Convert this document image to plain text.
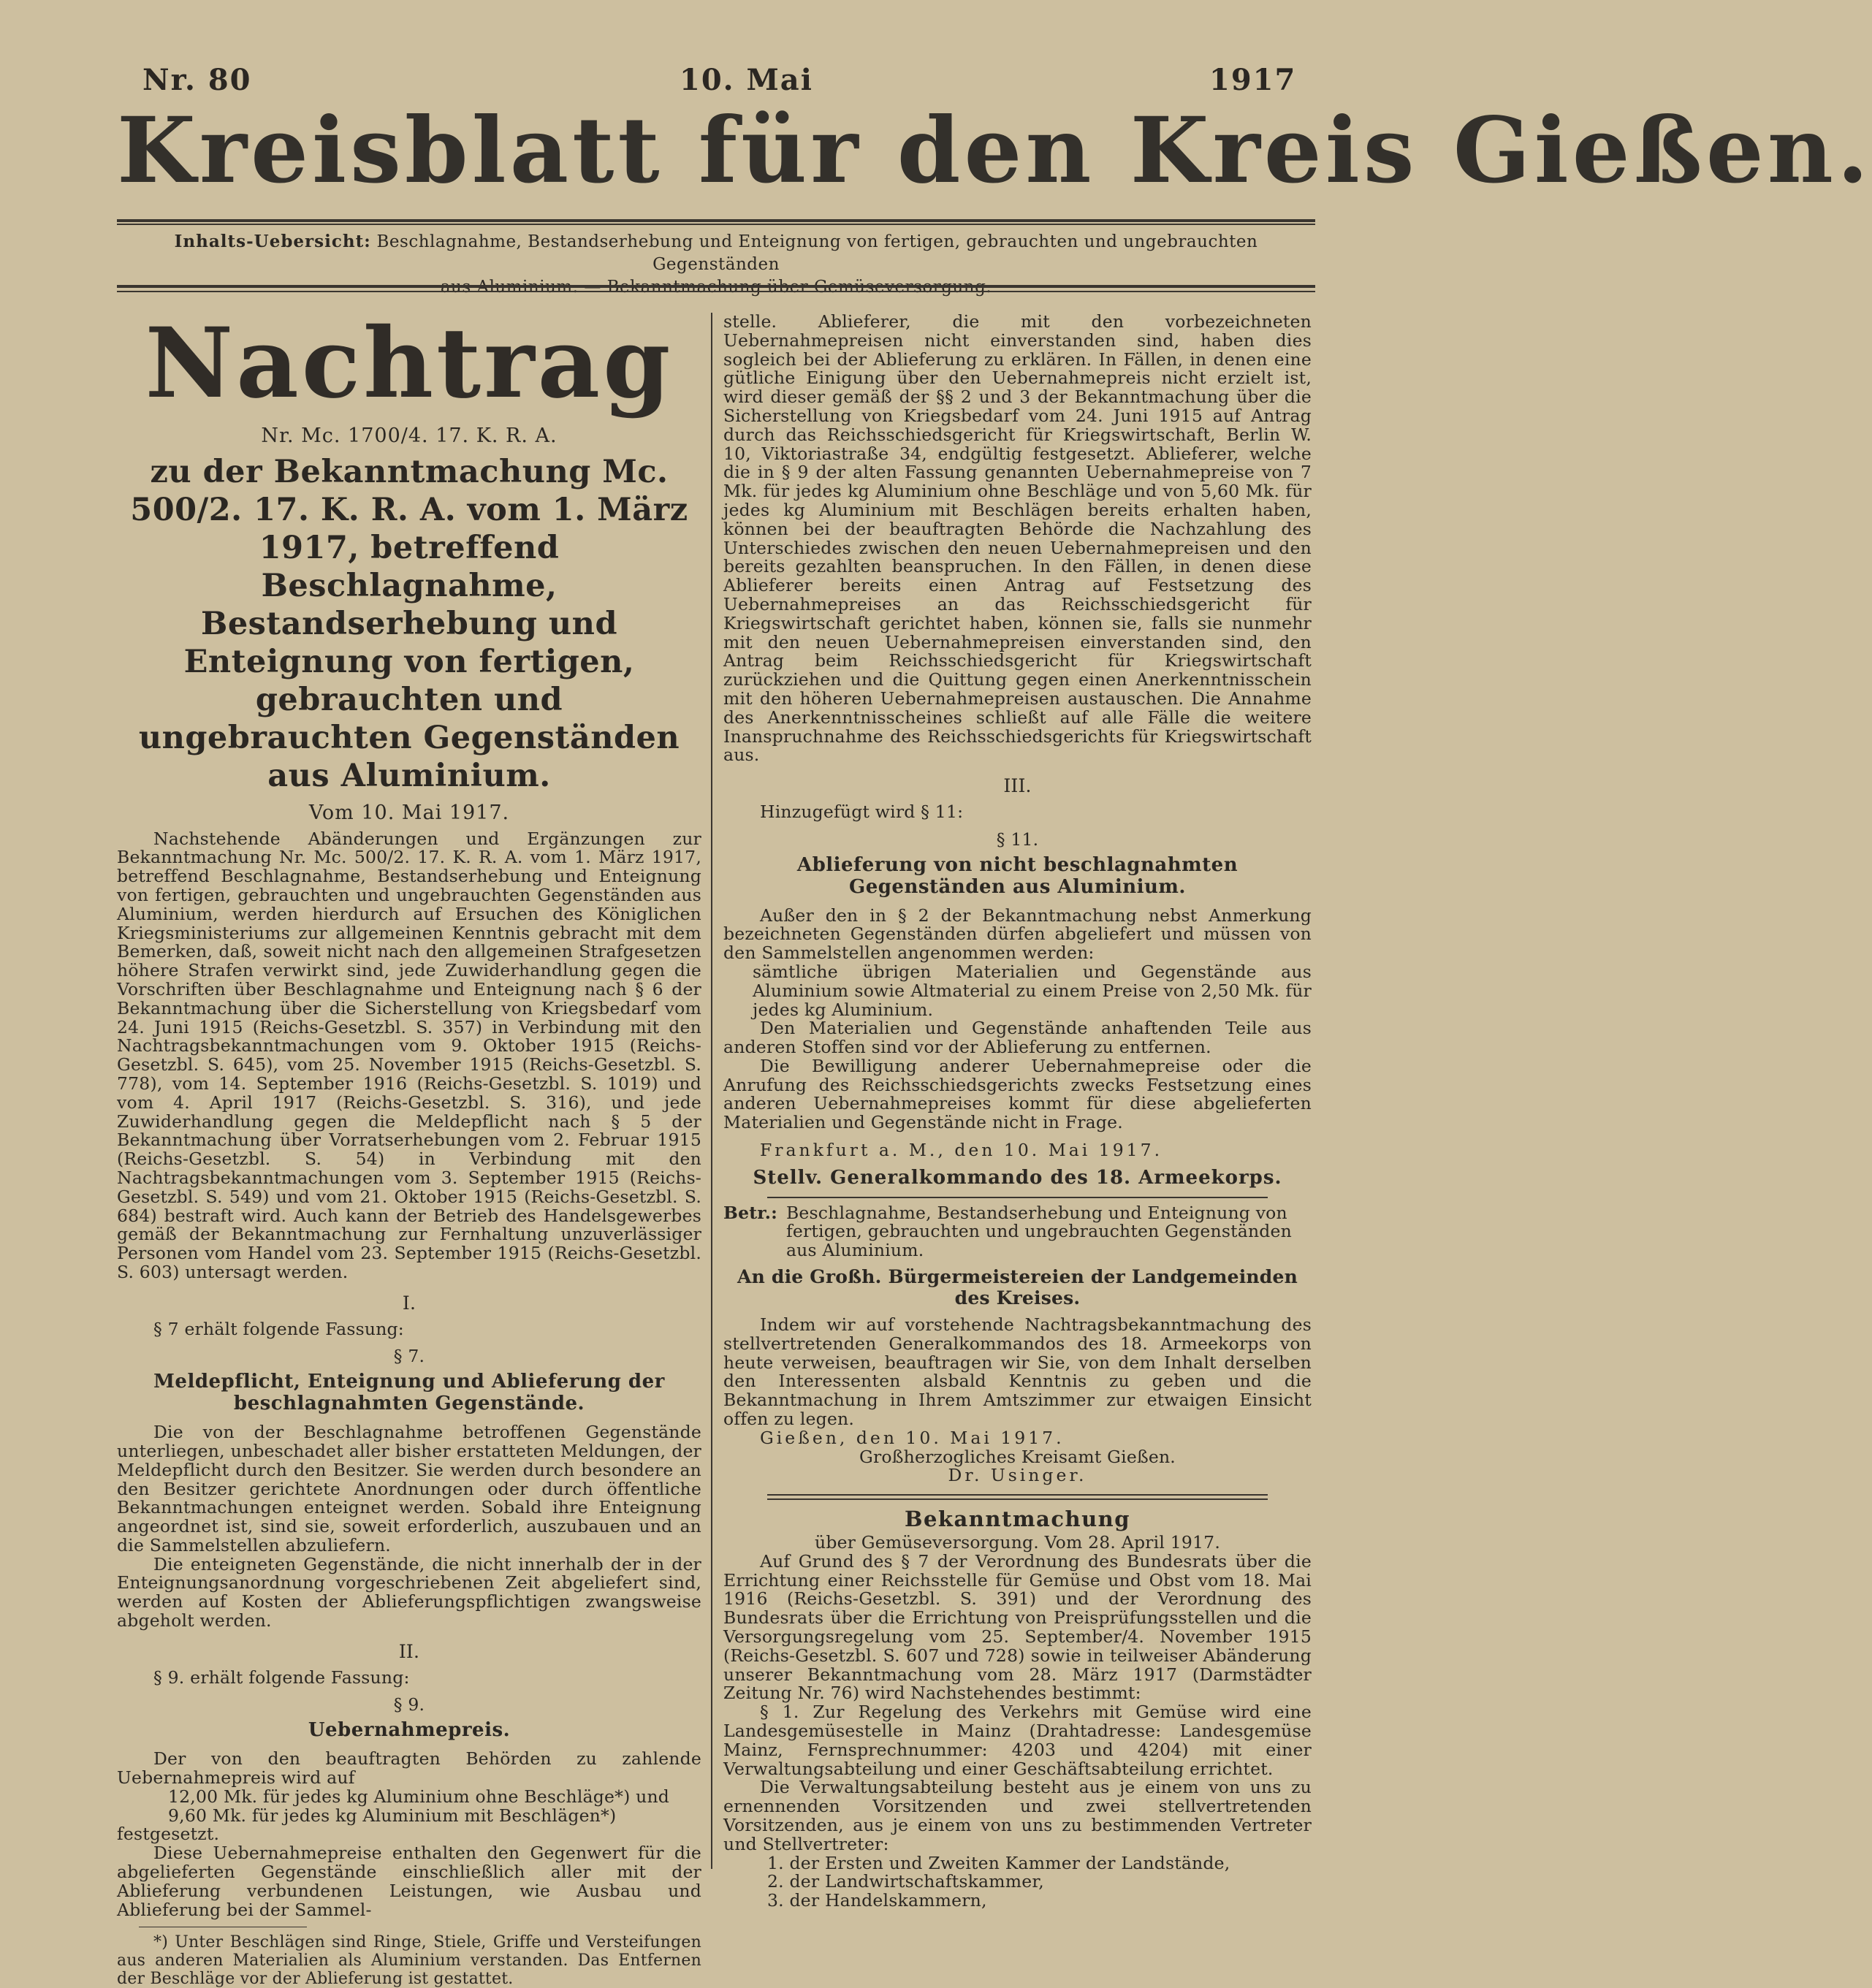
Nr. 80	10. Mai	1917
Kreisblatt für den Kreis Gießen.
Inhalts-Uebersicht: Beschlagnahme, Bestandserhebung und Enteignung von fertigen, gebrauchten und ungebrauchten Gegenständen
aus Aluminium. — Bekanntmachung über Gemüseversorgung.
Nachtrag
Nr. Mc. 1700/4. 17. K. R. A.
zu der Bekanntmachung Mc. 500/2. 17. K. R. A. vom 1. März 1917, betreffend Beschlagnahme, Bestandserhebung und Enteignung von fertigen, gebrauchten und ungebrauchten Gegenständen aus Aluminium.
Vom 10. Mai 1917.

Nachstehende Abänderungen und Ergänzungen zur Bekanntmachung Nr. Mc. 500/2. 17. K. R. A. vom 1. März 1917, betreffend Beschlagnahme, Bestandserhebung und Enteignung von fertigen, gebrauchten und ungebrauchten Gegenständen aus Aluminium, werden hierdurch auf Ersuchen des Königlichen Kriegsministeriums zur allgemeinen Kenntnis gebracht mit dem Bemerken, daß, soweit nicht nach den allgemeinen Strafgesetzen höhere Strafen verwirkt sind, jede Zuwiderhandlung gegen die Vorschriften über Beschlagnahme und Enteignung nach § 6 der Bekanntmachung über die Sicherstellung von Kriegsbedarf vom 24. Juni 1915 (Reichs-Gesetzbl. S. 357) in Verbindung mit den Nachtragsbekanntmachungen vom 9. Oktober 1915 (Reichs-Gesetzbl. S. 645), vom 25. November 1915 (Reichs-Gesetzbl. S. 778), vom 14. September 1916 (Reichs-Gesetzbl. S. 1019) und vom 4. April 1917 (Reichs-Gesetzbl. S. 316), und jede Zuwiderhandlung gegen die Meldepflicht nach § 5 der Bekanntmachung über Vorratserhebungen vom 2. Februar 1915 (Reichs-Gesetzbl. S. 54) in Verbindung mit den Nachtragsbekanntmachungen vom 3. September 1915 (Reichs-Gesetzbl. S. 549) und vom 21. Oktober 1915 (Reichs-Gesetzbl. S. 684) bestraft wird. Auch kann der Betrieb des Handelsgewerbes gemäß der Bekanntmachung zur Fernhaltung unzuverlässiger Personen vom Handel vom 23. September 1915 (Reichs-Gesetzbl. S. 603) untersagt werden.

I.

§ 7 erhält folgende Fassung:

§ 7.
Meldepflicht, Enteignung und Ablieferung der beschlagnahmten Gegenstände.

Die von der Beschlagnahme betroffenen Gegenstände unterliegen, unbeschadet aller bisher erstatteten Meldungen, der Meldepflicht durch den Besitzer. Sie werden durch besondere an den Besitzer gerichtete Anordnungen oder durch öffentliche Bekanntmachungen enteignet werden. Sobald ihre Enteignung angeordnet ist, sind sie, soweit erforderlich, auszubauen und an die Sammelstellen abzuliefern.

Die enteigneten Gegenstände, die nicht innerhalb der in der Enteignungsanordnung vorgeschriebenen Zeit abgeliefert sind, werden auf Kosten der Ablieferungspflichtigen zwangsweise abgeholt werden.

II.

§ 9. erhält folgende Fassung:

§ 9.
Uebernahmepreis.

Der von den beauftragten Behörden zu zahlende Uebernahmepreis wird auf

12,00 Mk. für jedes kg Aluminium ohne Beschläge*) und

9,60 Mk. für jedes kg Aluminium mit Beschlägen*)

festgesetzt.

Diese Uebernahmepreise enthalten den Gegenwert für die abgelieferten Gegenstände einschließlich aller mit der Ablieferung verbundenen Leistungen, wie Ausbau und Ablieferung bei der Sammel-

*) Unter Beschlägen sind Ringe, Stiele, Griffe und Versteifungen aus anderen Materialien als Aluminium verstanden. Das Entfernen der Beschläge vor der Ablieferung ist gestattet.

stelle. Ablieferer, die mit den vorbezeichneten Uebernahmepreisen nicht einverstanden sind, haben dies sogleich bei der Ablieferung zu erklären. In Fällen, in denen eine gütliche Einigung über den Uebernahmepreis nicht erzielt ist, wird dieser gemäß der §§ 2 und 3 der Bekanntmachung über die Sicherstellung von Kriegsbedarf vom 24. Juni 1915 auf Antrag durch das Reichsschiedsgericht für Kriegswirtschaft, Berlin W. 10, Viktoriastraße 34, endgültig festgesetzt. Ablieferer, welche die in § 9 der alten Fassung genannten Uebernahmepreise von 7 Mk. für jedes kg Aluminium ohne Beschläge und von 5,60 Mk. für jedes kg Aluminium mit Beschlägen bereits erhalten haben, können bei der beauftragten Behörde die Nachzahlung des Unterschiedes zwischen den neuen Uebernahmepreisen und den bereits gezahlten beanspruchen. In den Fällen, in denen diese Ablieferer bereits einen Antrag auf Festsetzung des Uebernahmepreises an das Reichsschiedsgericht für Kriegswirtschaft gerichtet haben, können sie, falls sie nunmehr mit den neuen Uebernahmepreisen einverstanden sind, den Antrag beim Reichsschiedsgericht für Kriegswirtschaft zurückziehen und die Quittung gegen einen Anerkenntnisschein mit den höheren Uebernahmepreisen austauschen. Die Annahme des Anerkenntnisscheines schließt auf alle Fälle die weitere Inanspruchnahme des Reichsschiedsgerichts für Kriegswirtschaft aus.

III.

Hinzugefügt wird § 11:

§ 11.
Ablieferung von nicht beschlagnahmten Gegenständen aus Aluminium.

Außer den in § 2 der Bekanntmachung nebst Anmerkung bezeichneten Gegenständen dürfen abgeliefert und müssen von den Sammelstellen angenommen werden:

sämtliche übrigen Materialien und Gegenstände aus Aluminium sowie Altmaterial zu einem Preise von 2,50 Mk. für jedes kg Aluminium.

Den Materialien und Gegenstände anhaftenden Teile aus anderen Stoffen sind vor der Ablieferung zu entfernen.

Die Bewilligung anderer Uebernahmepreise oder die Anrufung des Reichsschiedsgerichts zwecks Festsetzung eines anderen Uebernahmepreises kommt für diese abgelieferten Materialien und Gegenstände nicht in Frage.

Frankfurt a. M., den 10. Mai 1917.

Stellv. Generalkommando des 18. Armeekorps.
Betr.: Beschlagnahme, Bestandserhebung und Enteignung von fertigen, gebrauchten und ungebrauchten Gegenständen aus Aluminium.
An die Großh. Bürgermeistereien der Landgemeinden des Kreises.

Indem wir auf vorstehende Nachtragsbekanntmachung des stellvertretenden Generalkommandos des 18. Armeekorps von heute verweisen, beauftragen wir Sie, von dem Inhalt derselben den Interessenten alsbald Kenntnis zu geben und die Bekanntmachung in Ihrem Amtszimmer zur etwaigen Einsicht offen zu legen.

Gießen, den 10. Mai 1917.

Großherzogliches Kreisamt Gießen.
Dr. Usinger.
Bekanntmachung
über Gemüseversorgung. Vom 28. April 1917.

Auf Grund des § 7 der Verordnung des Bundesrats über die Errichtung einer Reichsstelle für Gemüse und Obst vom 18. Mai 1916 (Reichs-Gesetzbl. S. 391) und der Verordnung des Bundesrats über die Errichtung von Preisprüfungsstellen und die Versorgungsregelung vom 25. September/4. November 1915 (Reichs-Gesetzbl. S. 607 und 728) sowie in teilweiser Abänderung unserer Bekanntmachung vom 28. März 1917 (Darmstädter Zeitung Nr. 76) wird Nachstehendes bestimmt:

§ 1. Zur Regelung des Verkehrs mit Gemüse wird eine Landesgemüsestelle in Mainz (Drahtadresse: Landesgemüse Mainz, Fernsprechnummer: 4203 und 4204) mit einer Verwaltungsabteilung und einer Geschäftsabteilung errichtet.

Die Verwaltungsabteilung besteht aus je einem von uns zu ernennenden Vorsitzenden und zwei stellvertretenden Vorsitzenden, aus je einem von uns zu bestimmenden Vertreter und Stellvertreter:

1. der Ersten und Zweiten Kammer der Landstände,
2. der Landwirtschaftskammer,
3. der Handelskammern,
